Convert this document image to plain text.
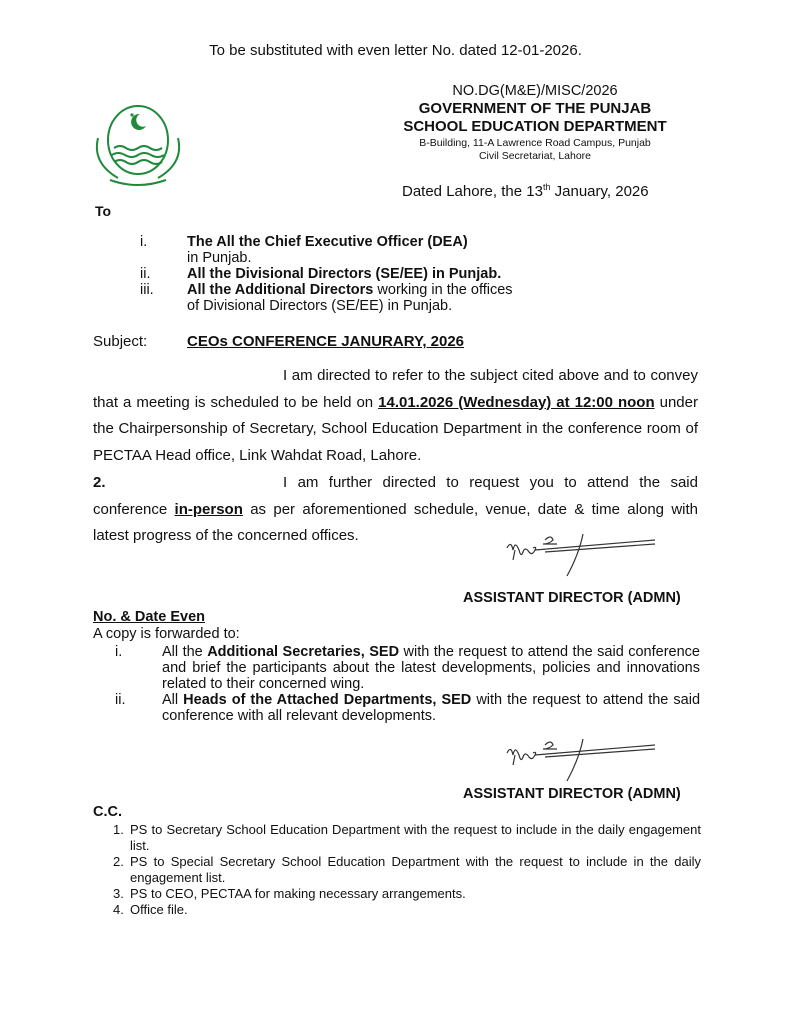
To be substituted with even letter No. dated 12-01-2026.
NO.DG(M&E)/MISC/2026
GOVERNMENT OF THE PUNJAB
SCHOOL EDUCATION DEPARTMENT
B-Building, 11-A Lawrence Road Campus, Punjab
Civil Secretariat, Lahore
Dated Lahore, the 13th January, 2026
To
i.	The All the Chief Executive Officer (DEA)
in Punjab.
ii.	All the Divisional Directors (SE/EE) in Punjab.
iii.	All the Additional Directors working in the offices
of Divisional Directors (SE/EE) in Punjab.
Subject:	CEOs CONFERENCE JANURARY, 2026
I am directed to refer to the subject cited above and to convey that a meeting is scheduled to be held on 14.01.2026 (Wednesday) at 12:00 noon under the Chairpersonship of Secretary, School Education Department in the conference room of PECTAA Head office, Link Wahdat Road, Lahore.
2.	I am further directed to request you to attend the said conference in-person as per aforementioned schedule, venue, date & time along with latest progress of the concerned offices.
ASSISTANT DIRECTOR (ADMN)
No. & Date Even
A copy is forwarded to:
i.	All the Additional Secretaries, SED with the request to attend the said conference and brief the participants about the latest developments, policies and innovations related to their concerned wing.
ii.	All Heads of the Attached Departments, SED with the request to attend the said conference with all relevant developments.
ASSISTANT DIRECTOR (ADMN)
C.C.
1. PS to Secretary School Education Department with the request to include in the daily engagement list.
2. PS to Special Secretary School Education Department with the request to include in the daily engagement list.
3. PS to CEO, PECTAA for making necessary arrangements.
4. Office file.
